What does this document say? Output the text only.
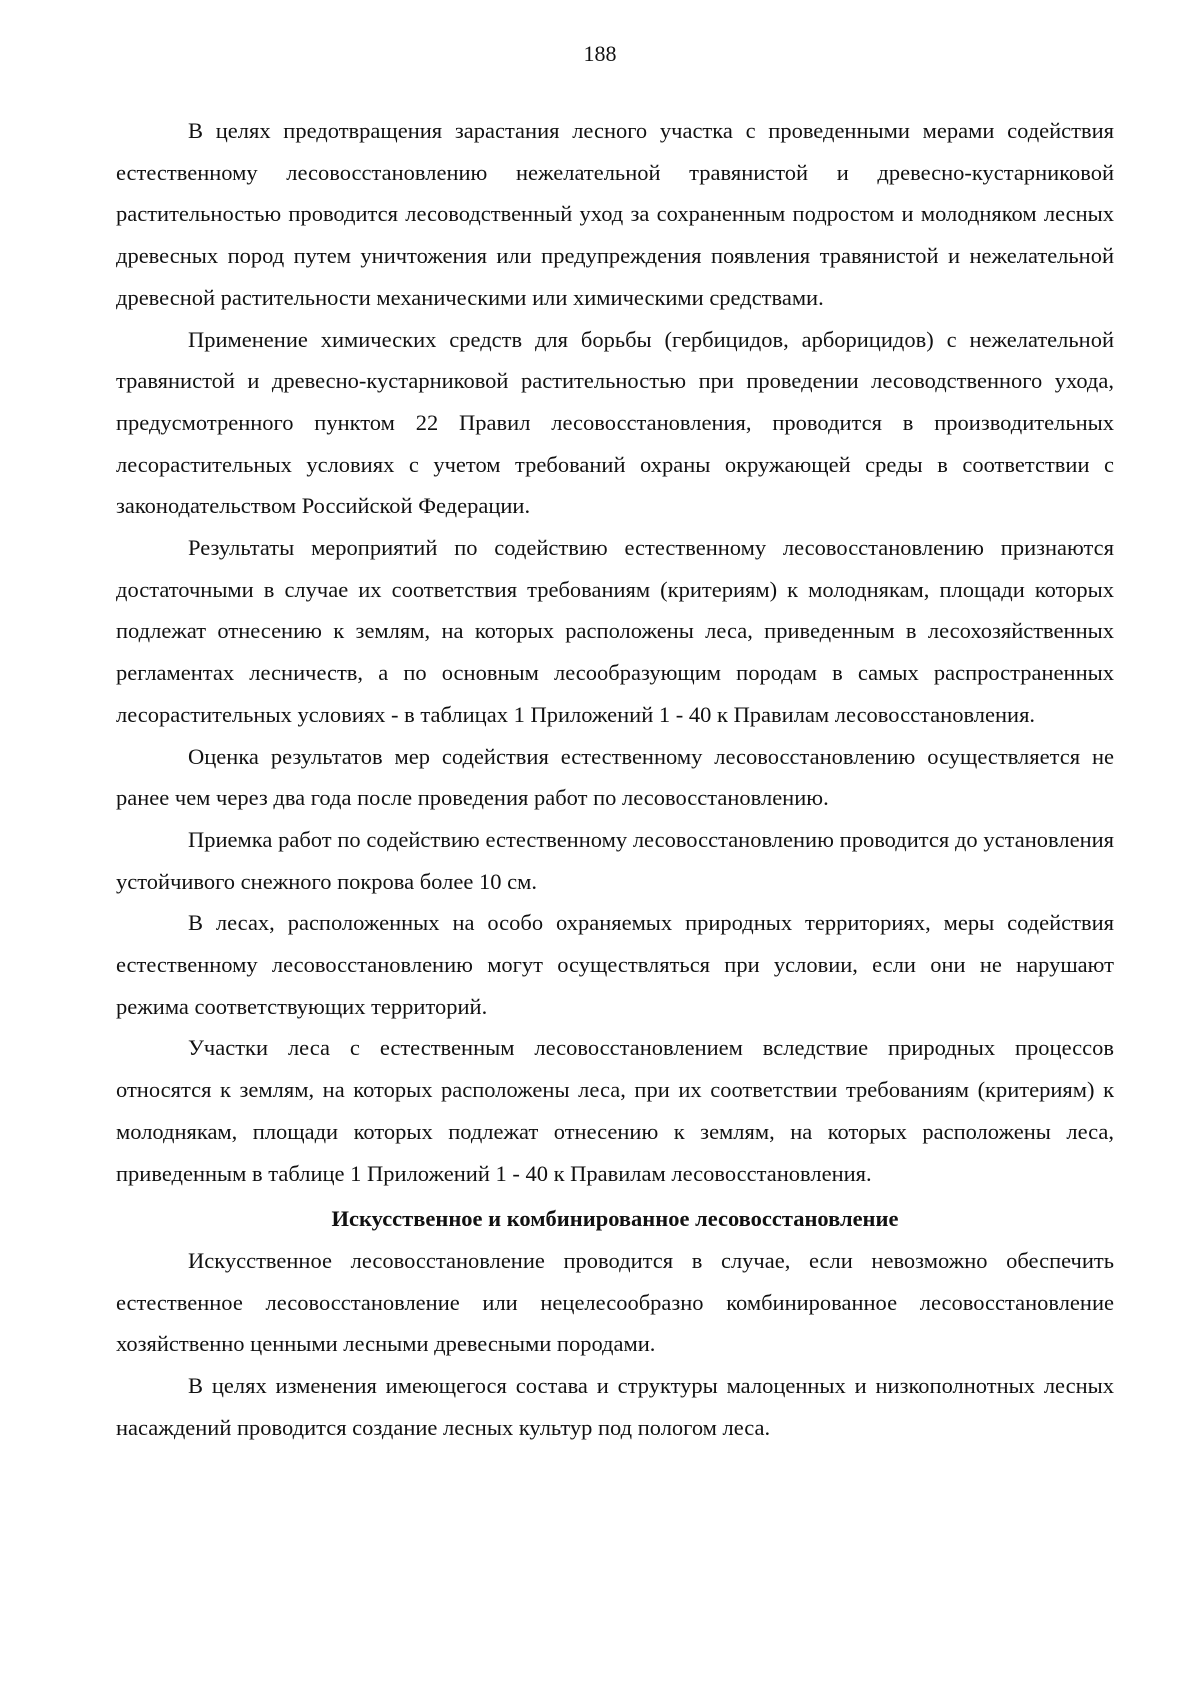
188

В целях предотвращения зарастания лесного участка с проведенными мерами содействия естественному лесовосстановлению нежелательной травянистой и древесно-кустарниковой растительностью проводится лесоводственный уход за сохраненным подростом и молодняком лесных древесных пород путем уничтожения или предупреждения появления травянистой и нежелательной древесной растительности механическими или химическими средствами.

Применение химических средств для борьбы (гербицидов, арборицидов) с нежелательной травянистой и древесно-кустарниковой растительностью при проведении лесоводственного ухода, предусмотренного пунктом 22 Правил лесовосстановления, проводится в производительных лесорастительных условиях с учетом требований охраны окружающей среды в соответствии с законодательством Российской Федерации.

Результаты мероприятий по содействию естественному лесовосстановлению признаются достаточными в случае их соответствия требованиям (критериям) к молоднякам, площади которых подлежат отнесению к землям, на которых расположены леса, приведенным в лесохозяйственных регламентах лесничеств, а по основным лесообразующим породам в самых распространенных лесорастительных условиях - в таблицах 1 Приложений 1 - 40 к Правилам лесовосстановления.

Оценка результатов мер содействия естественному лесовосстановлению осуществляется не ранее чем через два года после проведения работ по лесовосстановлению.

Приемка работ по содействию естественному лесовосстановлению проводится до установления устойчивого снежного покрова более 10 см.

В лесах, расположенных на особо охраняемых природных территориях, меры содействия естественному лесовосстановлению могут осуществляться при условии, если они не нарушают режима соответствующих территорий.

Участки леса с естественным лесовосстановлением вследствие природных процессов относятся к землям, на которых расположены леса, при их соответствии требованиям (критериям) к молоднякам, площади которых подлежат отнесению к землям, на которых расположены леса, приведенным в таблице 1 Приложений 1 - 40 к Правилам лесовосстановления.

Искусственное и комбинированное лесовосстановление

Искусственное лесовосстановление проводится в случае, если невозможно обеспечить естественное лесовосстановление или нецелесообразно комбинированное лесовосстановление хозяйственно ценными лесными древесными породами.

В целях изменения имеющегося состава и структуры малоценных и низкополнотных лесных насаждений проводится создание лесных культур под пологом леса.
